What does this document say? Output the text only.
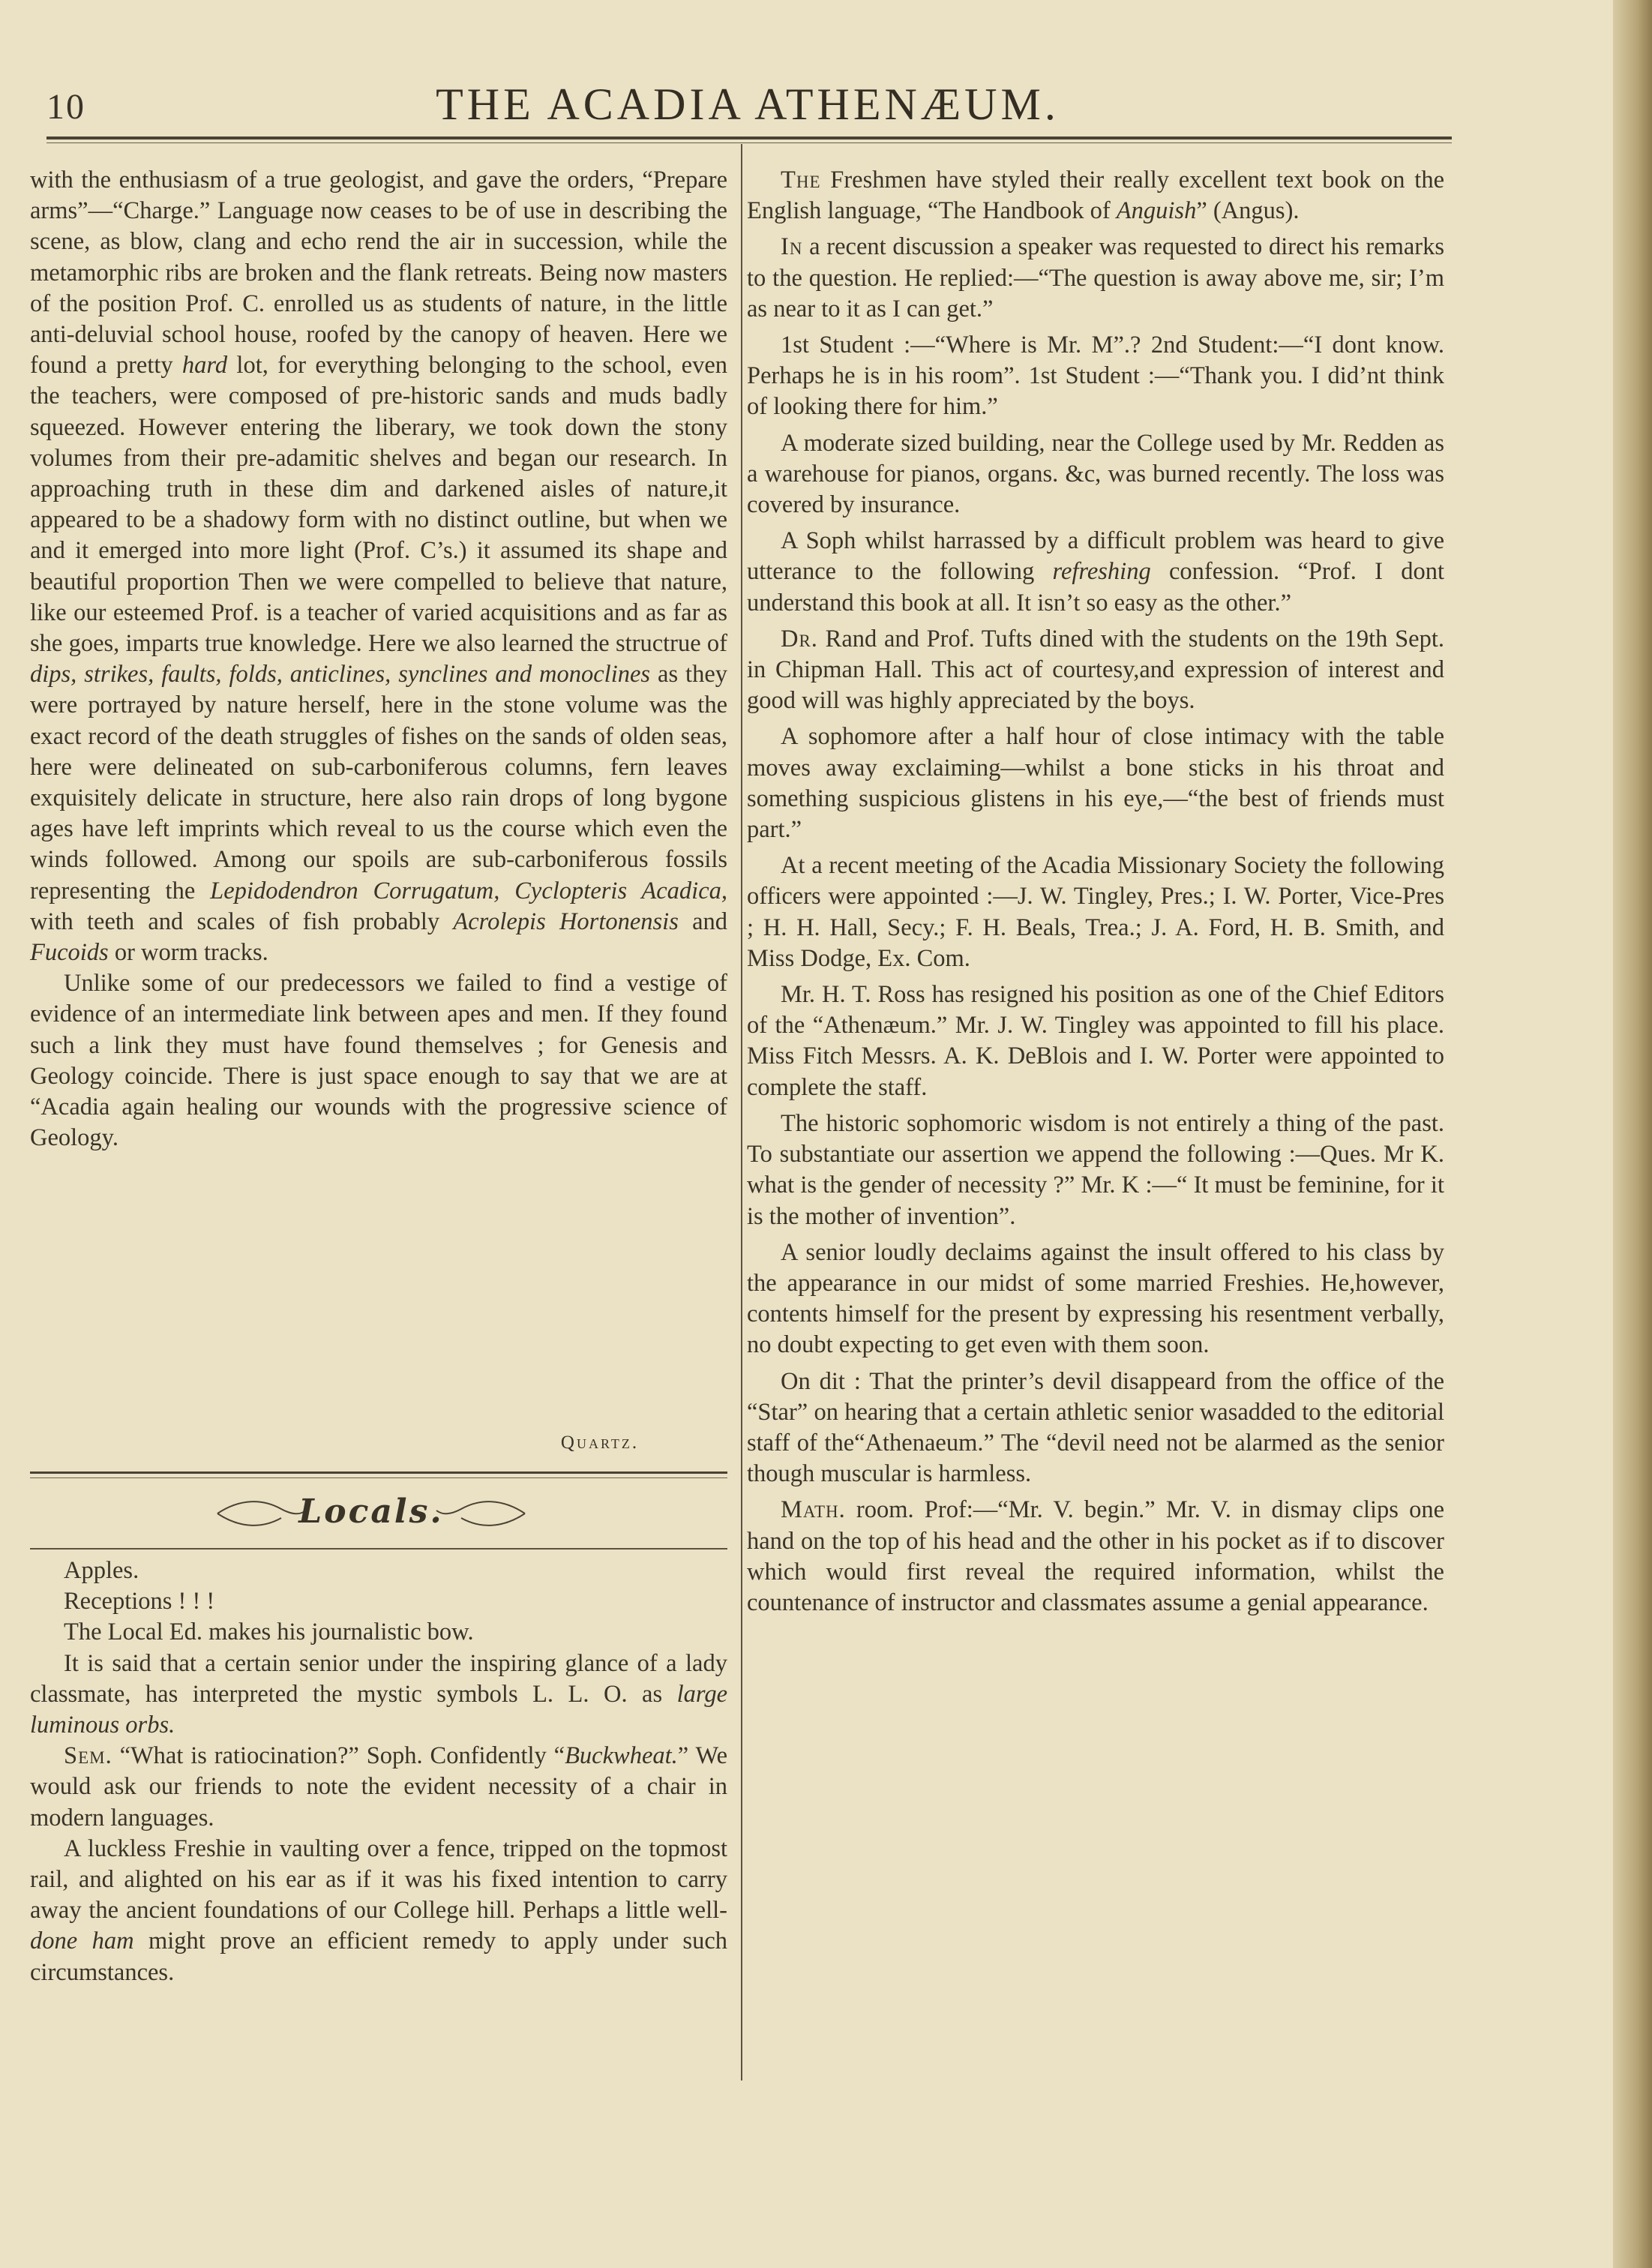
10	THE ACADIA ATHENÆUM.

with the enthusiasm of a true geologist, and gave the orders, “Prepare arms”—“Charge.” Language now ceases to be of use in describing the scene, as blow, clang and echo rend the air in succession, while the metamorphic ribs are broken and the flank retreats. Being now masters of the position Prof. C. enrolled us as students of nature, in the little anti-deluvial school house, roofed by the canopy of heaven. Here we found a pretty hard lot, for everything belonging to the school, even the teachers, were composed of pre-historic sands and muds badly squeezed. However entering the liberary, we took down the stony volumes from their pre-adamitic shelves and began our research. In approaching truth in these dim and darkened aisles of nature,it appeared to be a shadowy form with no distinct outline, but when we and it emerged into more light (Prof. C’s.) it assumed its shape and beautiful proportion Then we were compelled to believe that nature, like our esteemed Prof. is a teacher of varied acquisitions and as far as she goes, imparts true knowledge. Here we also learned the structrue of dips, strikes, faults, folds, anticlines, synclines and monoclines as they were portrayed by nature herself, here in the stone volume was the exact record of the death struggles of fishes on the sands of olden seas, here were delineated on sub-carboniferous columns, fern leaves exquisitely delicate in structure, here also rain drops of long bygone ages have left imprints which reveal to us the course which even the winds followed. Among our spoils are sub-carboniferous fossils representing the Lepidodendron Corrugatum, Cyclopteris Acadica, with teeth and scales of fish probably Acrolepis Hortonensis and Fucoids or worm tracks.

Unlike some of our predecessors we failed to find a vestige of evidence of an intermediate link between apes and men. If they found such a link they must have found themselves ; for Genesis and Geology coincide. There is just space enough to say that we are at “Acadia again healing our wounds with the progressive science of Geology.

Quartz.
Locals.

Apples.

Receptions ! ! !

The Local Ed. makes his journalistic bow.

It is said that a certain senior under the inspiring glance of a lady classmate, has interpreted the mystic symbols L. L. O. as large luminous orbs.

Sem. “What is ratiocination?” Soph. Confidently “Buckwheat.” We would ask our friends to note the evident necessity of a chair in modern languages.

A luckless Freshie in vaulting over a fence, tripped on the topmost rail, and alighted on his ear as if it was his fixed intention to carry away the ancient foundations of our College hill. Perhaps a little well-done ham might prove an efficient remedy to apply under such circumstances.

The Freshmen have styled their really excellent text book on the English language, “The Handbook of Anguish” (Angus).

In a recent discussion a speaker was requested to direct his remarks to the question. He replied:—“The question is away above me, sir; I’m as near to it as I can get.”

1st Student :—“Where is Mr. M”.? 2nd Student:—“I dont know. Perhaps he is in his room”. 1st Student :—“Thank you. I did’nt think of looking there for him.”

A moderate sized building, near the College used by Mr. Redden as a warehouse for pianos, organs. &c, was burned recently. The loss was covered by insurance.

A Soph whilst harrassed by a difficult problem was heard to give utterance to the following refreshing confession. “Prof. I dont understand this book at all. It isn’t so easy as the other.”

Dr. Rand and Prof. Tufts dined with the students on the 19th Sept. in Chipman Hall. This act of courtesy,and expression of interest and good will was highly appreciated by the boys.

A sophomore after a half hour of close intimacy with the table moves away exclaiming—whilst a bone sticks in his throat and something suspicious glistens in his eye,—“the best of friends must part.”

At a recent meeting of the Acadia Missionary Society the following officers were appointed :—J. W. Tingley, Pres.; I. W. Porter, Vice-Pres ; H. H. Hall, Secy.; F. H. Beals, Trea.; J. A. Ford, H. B. Smith, and Miss Dodge, Ex. Com.

Mr. H. T. Ross has resigned his position as one of the Chief Editors of the “Athenæum.” Mr. J. W. Tingley was appointed to fill his place. Miss Fitch Messrs. A. K. DeBlois and I. W. Porter were appointed to complete the staff.

The historic sophomoric wisdom is not entirely a thing of the past. To substantiate our assertion we append the following :—Ques. Mr K. what is the gender of necessity ?” Mr. K :—“ It must be feminine, for it is the mother of invention”.

A senior loudly declaims against the insult offered to his class by the appearance in our midst of some married Freshies. He,however, contents himself for the present by expressing his resentment verbally, no doubt expecting to get even with them soon.

On dit : That the printer’s devil disappeard from the office of the “Star” on hearing that a certain athletic senior wasadded to the editorial staff of the“Athenaeum.” The “devil need not be alarmed as the senior though muscular is harmless.

Math. room. Prof:—“Mr. V. begin.” Mr. V. in dismay clips one hand on the top of his head and the other in his pocket as if to discover which would first reveal the required information, whilst the countenance of instructor and classmates assume a genial appearance.
